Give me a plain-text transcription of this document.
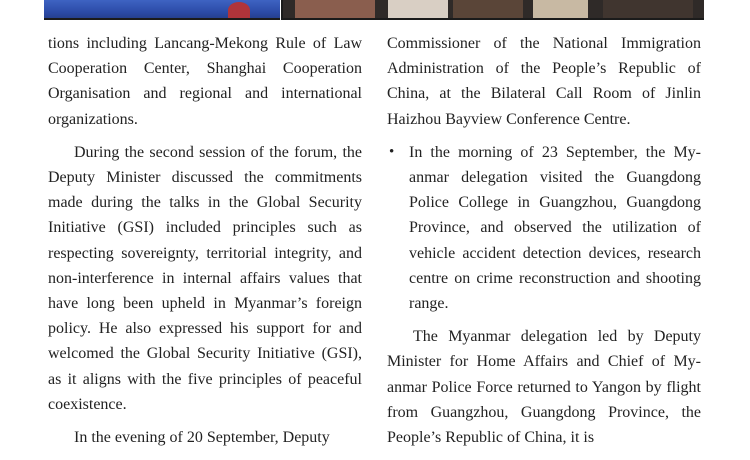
tions including Lancang-Mekong Rule of Law Cooperation Center, Shanghai Cooperation Organisation and regional and international organizations.

During the second session of the forum, the Deputy Minister discussed the commitments made during the talks in the Global Security Initiative (GSI) included principles such as respecting sovereignty, territorial integrity, and non-interference in internal affairs values that have long been upheld in Myanmar’s foreign policy. He also expressed his support for and welcomed the Global Security Initiative (GSI), as it aligns with the five principles of peaceful coexistence.

In the evening of 20 September, Deputy

Commissioner of the National Immigration Administration of the People’s Republic of China, at the Bilateral Call Room of Jinlin Haizhou Bayview Conference Centre.

• In the morning of 23 September, the Myanmar delegation visited the Guangdong Police College in Guangzhou, Guangdong Province, and observed the utilization of vehicle accident detection devices, research centre on crime reconstruction and shooting range.

The Myanmar delegation led by Deputy Minister for Home Affairs and Chief of Myanmar Police Force returned to Yangon by flight from Guangzhou, Guangdong Province, the People’s Republic of China, it is
